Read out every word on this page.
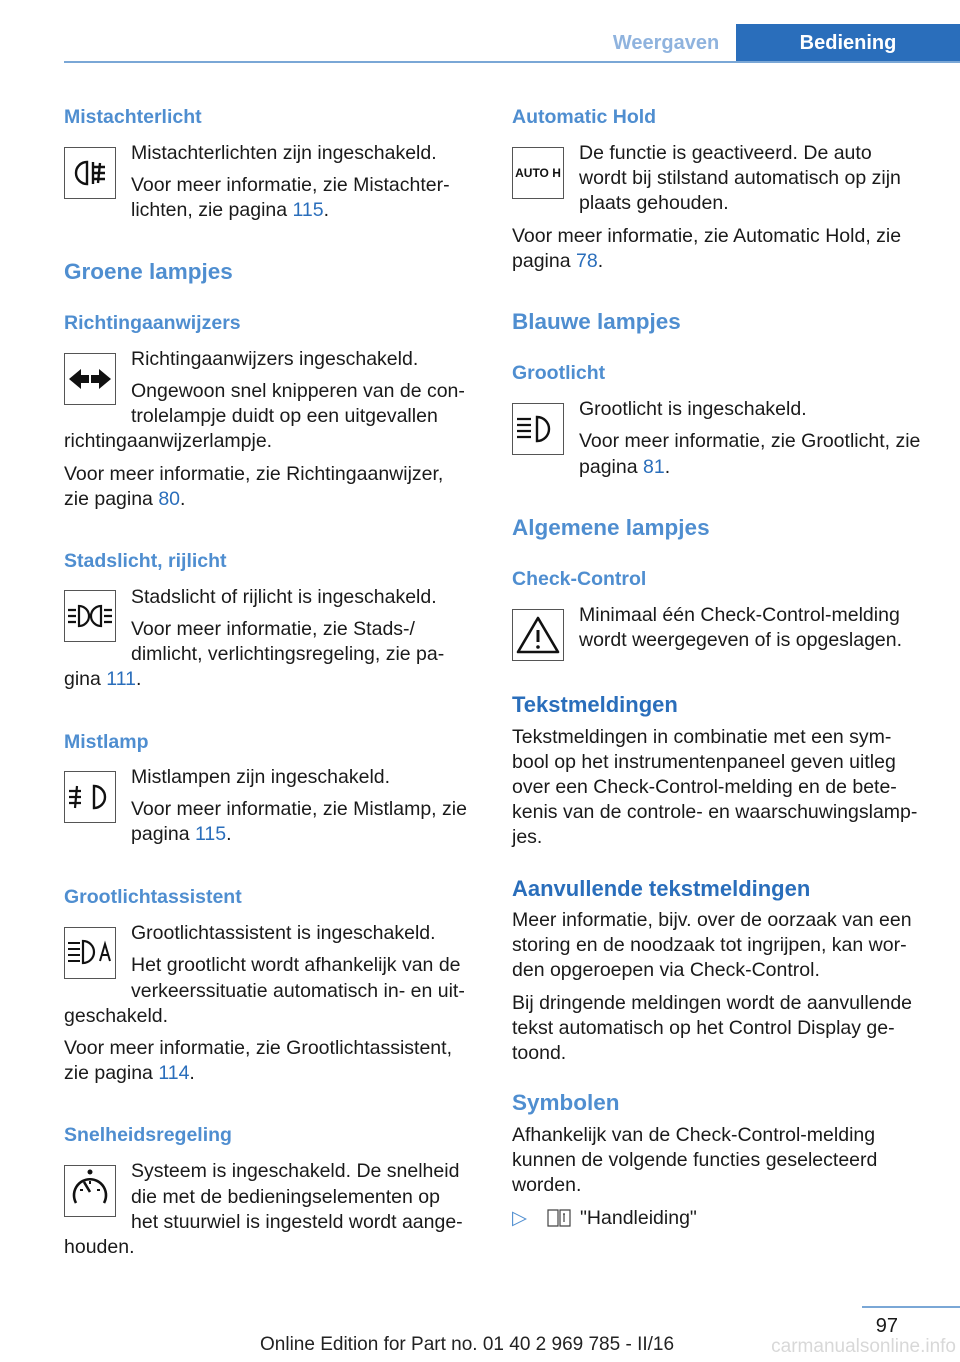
Weergaven	Bediening
Mistachterlicht
Mistachterlichten zijn ingeschakeld.
Voor meer informatie, zie Mistachter-
lichten, zie pagina 115.
Groene lampjes
Richtingaanwijzers
Richtingaanwijzers ingeschakeld.
Ongewoon snel knipperen van de con-
trolelampje duidt op een uitgevallen
richtingaanwijzerlampje.
Voor meer informatie, zie Richtingaanwijzer,
zie pagina 80.
Stadslicht, rijlicht
Stadslicht of rijlicht is ingeschakeld.
Voor meer informatie, zie Stads-/
dimlicht, verlichtingsregeling, zie pa-
gina 111.
Mistlamp
Mistlampen zijn ingeschakeld.
Voor meer informatie, zie Mistlamp, zie
pagina 115.
Grootlichtassistent
Grootlichtassistent is ingeschakeld.
Het grootlicht wordt afhankelijk van de
verkeerssituatie automatisch in- en uit-
geschakeld.
Voor meer informatie, zie Grootlichtassistent,
zie pagina 114.
Snelheidsregeling
Systeem is ingeschakeld. De snelheid
die met de bedieningselementen op
het stuurwiel is ingesteld wordt aange-
houden.
Automatic Hold
AUTO H
De functie is geactiveerd. De auto
wordt bij stilstand automatisch op zijn
plaats gehouden.
Voor meer informatie, zie Automatic Hold, zie
pagina 78.
Blauwe lampjes
Grootlicht
Grootlicht is ingeschakeld.
Voor meer informatie, zie Grootlicht, zie
pagina 81.
Algemene lampjes
Check-Control
Minimaal één Check-Control-melding
wordt weergegeven of is opgeslagen.
Tekstmeldingen
Tekstmeldingen in combinatie met een sym-
bool op het instrumentenpaneel geven uitleg
over een Check-Control-melding en de bete-
kenis van de controle- en waarschuwingslamp-
jes.
Aanvullende tekstmeldingen
Meer informatie, bijv. over de oorzaak van een
storing en de noodzaak tot ingrijpen, kan wor-
den opgeroepen via Check-Control.
Bij dringende meldingen wordt de aanvullende
tekst automatisch op het Control Display ge-
toond.
Symbolen
Afhankelijk van de Check-Control-melding
kunnen de volgende functies geselecteerd
worden.
▷	"Handleiding"
97
Online Edition for Part no. 01 40 2 969 785 - II/16	carmanualsonline.info
